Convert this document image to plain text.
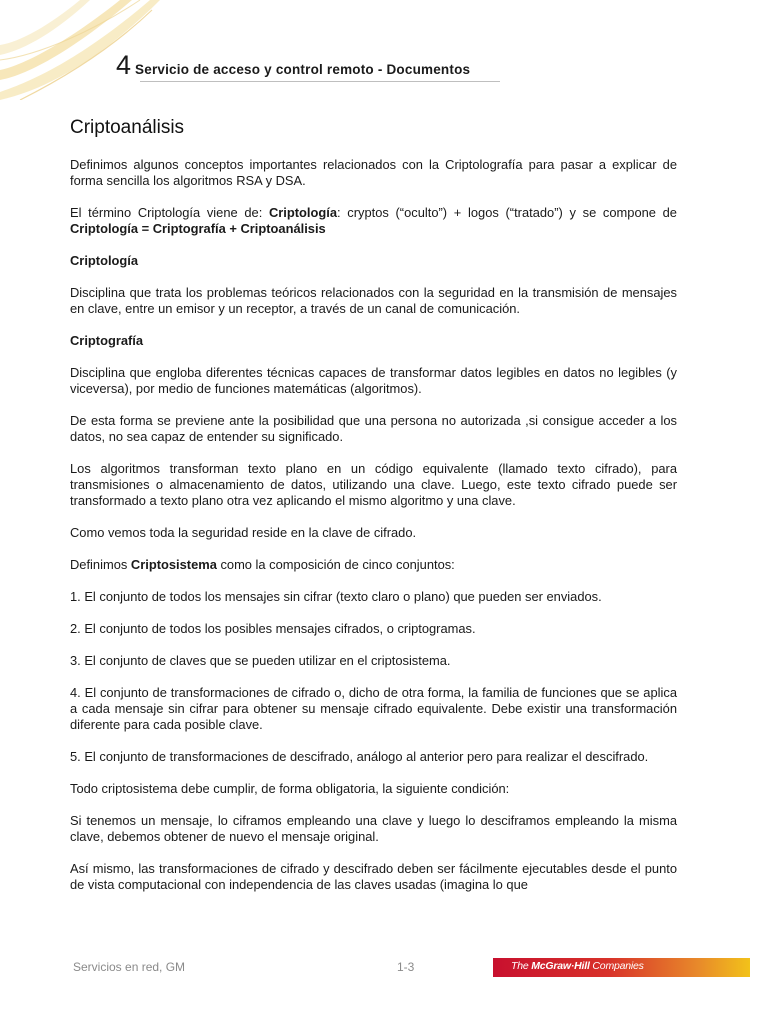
4 Servicio de acceso y control remoto - Documentos
Criptoanálisis

Definimos algunos conceptos importantes relacionados con la Criptolografía para pasar a explicar de forma sencilla los algoritmos RSA y DSA.

El término Criptología viene de: Criptología: cryptos (“oculto”) + logos (“tratado”) y se compone de Criptología = Criptografía + Criptoanálisis

Criptología

Disciplina que trata los problemas teóricos relacionados con la seguridad en la transmisión de mensajes en clave, entre un emisor y un receptor, a través de un canal de comunicación.

Criptografía

Disciplina que engloba diferentes técnicas capaces de transformar datos legibles en datos no legibles (y viceversa), por medio de funciones matemáticas (algoritmos).

De esta forma se previene ante la posibilidad que una persona no autorizada ,si consigue acceder a los datos, no sea capaz de entender su significado.

Los algoritmos transforman texto plano en un código equivalente (llamado texto cifrado), para transmisiones o almacenamiento de datos, utilizando una clave. Luego, este texto cifrado puede ser transformado a texto plano otra vez aplicando el mismo algoritmo y una clave.

Como vemos toda la seguridad reside en la clave de cifrado.

Definimos Criptosistema como la composición de cinco conjuntos:

1. El conjunto de todos los mensajes sin cifrar (texto claro o plano) que pueden ser enviados.

2. El conjunto de todos los posibles mensajes cifrados, o criptogramas.

3. El conjunto de claves que se pueden utilizar en el criptosistema.

4. El conjunto de transformaciones de cifrado o, dicho de otra forma, la familia de funciones que se aplica a cada mensaje sin cifrar para obtener su mensaje cifrado equivalente. Debe existir una transformación diferente para cada posible clave.

5. El conjunto de transformaciones de descifrado, análogo al anterior pero para realizar el descifrado.

Todo criptosistema debe cumplir, de forma obligatoria, la siguiente condición:

Si tenemos un mensaje, lo ciframos empleando una clave y luego lo desciframos empleando la misma clave, debemos obtener de nuevo el mensaje original.

Así mismo, las transformaciones de cifrado y descifrado deben ser fácilmente ejecutables desde el punto de vista computacional con independencia de las claves usadas (imagina lo que

Servicios en red, GM	1-3	The McGraw·Hill Companies
